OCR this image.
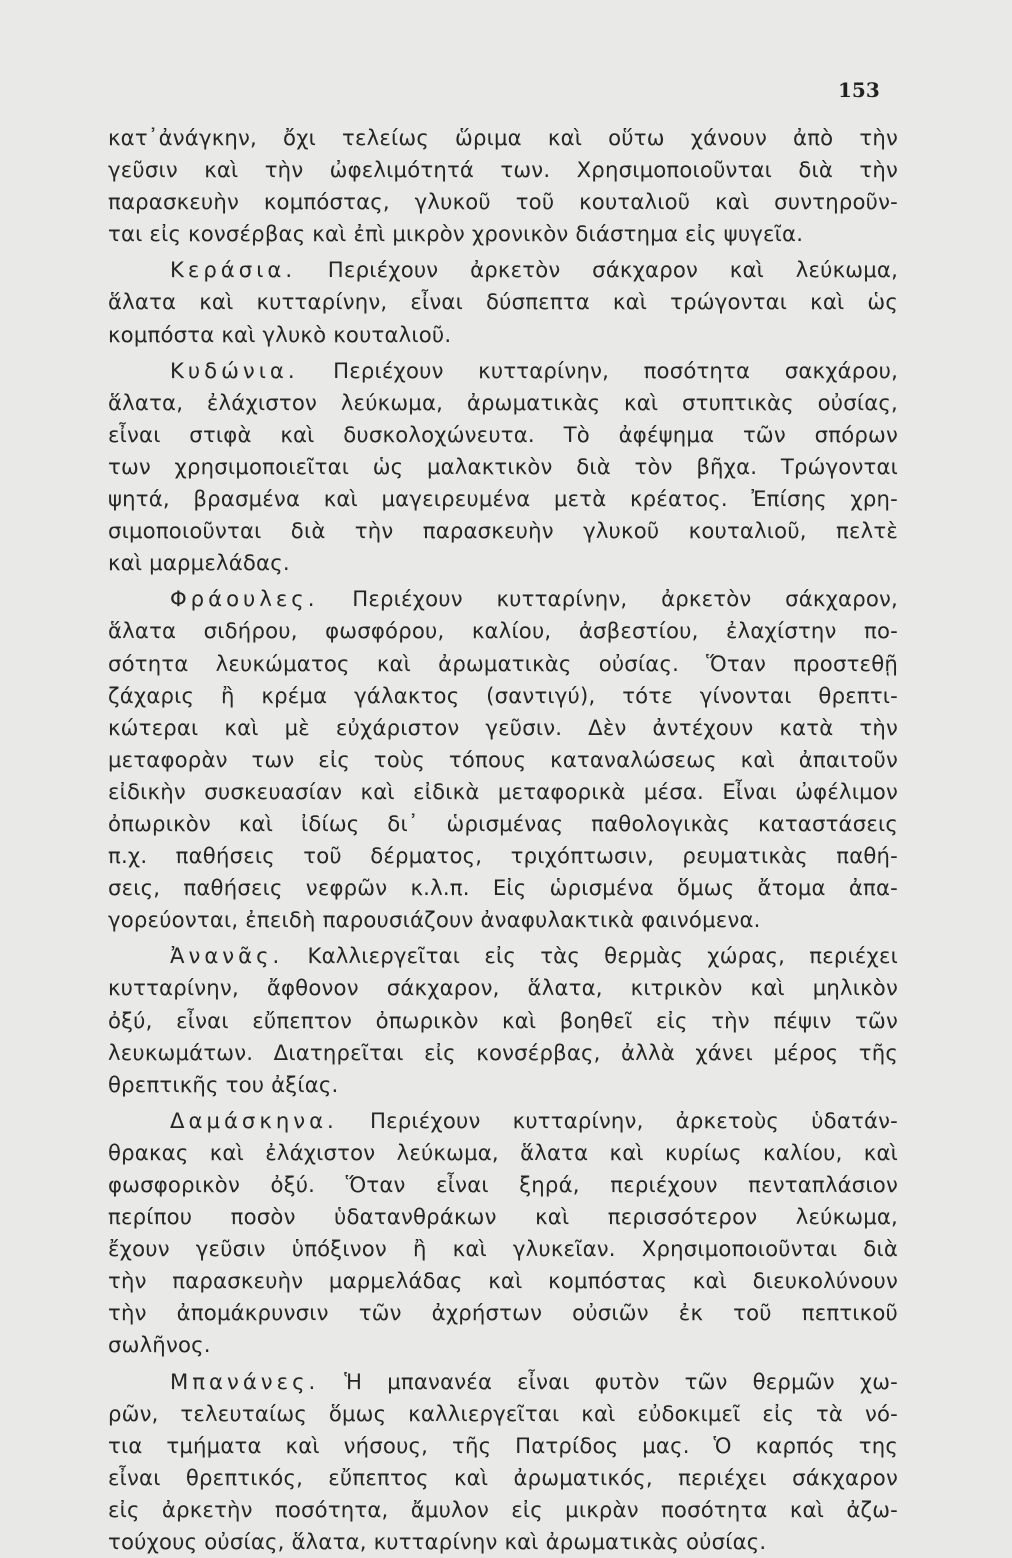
153
κατ᾽ἀνάγκην, ὄχι τελείως ὥριμα καὶ οὕτω χάνουν ἀπὸ τὴν
γεῦσιν καὶ τὴν ὠφελιμότητά των. Χρησιμοποιοῦνται διὰ τὴν
παρασκευὴν κομπόστας, γλυκοῦ τοῦ κουταλιοῦ καὶ συντηροῦν-
ται εἰς κονσέρβας καὶ ἐπὶ μικρὸν χρονικὸν διάστημα εἰς ψυγεῖα.
Κεράσια. Περιέχουν ἀρκετὸν σάκχαρον καὶ λεύκωμα,
ἅλατα καὶ κυτταρίνην, εἶναι δύσπεπτα καὶ τρώγονται καὶ ὡς
κομπόστα καὶ γλυκὸ κουταλιοῦ.
Κυδώνια. Περιέχουν κυτταρίνην, ποσότητα σακχάρου,
ἅλατα, ἐλάχιστον λεύκωμα, ἀρωματικὰς καὶ στυπτικὰς οὐσίας,
εἶναι στιφὰ καὶ δυσκολοχώνευτα. Τὸ ἀφέψημα τῶν σπόρων
των χρησιμοποιεῖται ὡς μαλακτικὸν διὰ τὸν βῆχα. Τρώγονται
ψητά, βρασμένα καὶ μαγειρευμένα μετὰ κρέατος. Ἐπίσης χρη-
σιμοποιοῦνται διὰ τὴν παρασκευὴν γλυκοῦ κουταλιοῦ, πελτὲ
καὶ μαρμελάδας.
Φράουλες. Περιέχουν κυτταρίνην, ἀρκετὸν σάκχαρον,
ἅλατα σιδήρου, φωσφόρου, καλίου, ἀσβεστίου, ἐλαχίστην πο-
σότητα λευκώματος καὶ ἀρωματικὰς οὐσίας. Ὅταν προστεθῇ
ζάχαρις ἢ κρέμα γάλακτος (σαντιγύ), τότε γίνονται θρεπτι-
κώτεραι καὶ μὲ εὐχάριστον γεῦσιν. Δὲν ἀντέχουν κατὰ τὴν
μεταφορὰν των εἰς τοὺς τόπους καταναλώσεως καὶ ἀπαιτοῦν
εἰδικὴν συσκευασίαν καὶ εἰδικὰ μεταφορικὰ μέσα. Εἶναι ὠφέλιμον
ὀπωρικὸν καὶ ἰδίως δι᾽ ὡρισμένας παθολογικὰς καταστάσεις
π.χ. παθήσεις τοῦ δέρματος, τριχόπτωσιν, ρευματικὰς παθή-
σεις, παθήσεις νεφρῶν κ.λ.π. Εἰς ὡρισμένα ὅμως ἄτομα ἀπα-
γορεύονται, ἐπειδὴ παρουσιάζουν ἀναφυλακτικὰ φαινόμενα.
Ἀνανᾶς. Καλλιεργεῖται εἰς τὰς θερμὰς χώρας, περιέχει
κυτταρίνην, ἄφθονον σάκχαρον, ἅλατα, κιτρικὸν καὶ μηλικὸν
ὀξύ, εἶναι εὔπεπτον ὀπωρικὸν καὶ βοηθεῖ εἰς τὴν πέψιν τῶν
λευκωμάτων. Διατηρεῖται εἰς κονσέρβας, ἀλλὰ χάνει μέρος τῆς
θρεπτικῆς του ἀξίας.
Δαμάσκηνα. Περιέχουν κυτταρίνην, ἀρκετοὺς ὑδατάν-
θρακας καὶ ἐλάχιστον λεύκωμα, ἅλατα καὶ κυρίως καλίου, καὶ
φωσφορικὸν ὀξύ. Ὅταν εἶναι ξηρά, περιέχουν πενταπλάσιον
περίπου ποσὸν ὑδατανθράκων καὶ περισσότερον λεύκωμα,
ἔχουν γεῦσιν ὑπόξινον ἢ καὶ γλυκεῖαν. Χρησιμοποιοῦνται διὰ
τὴν παρασκευὴν μαρμελάδας καὶ κομπόστας καὶ διευκολύνουν
τὴν ἀπομάκρυνσιν τῶν ἀχρήστων οὐσιῶν ἐκ τοῦ πεπτικοῦ
σωλῆνος.
Μπανάνες. Ἡ μπανανέα εἶναι φυτὸν τῶν θερμῶν χω-
ρῶν, τελευταίως ὅμως καλλιεργεῖται καὶ εὐδοκιμεῖ εἰς τὰ νό-
τια τμήματα καὶ νήσους, τῆς Πατρίδος μας. Ὁ καρπός της
εἶναι θρεπτικός, εὔπεπτος καὶ ἀρωματικός, περιέχει σάκχαρον
εἰς ἀρκετὴν ποσότητα, ἄμυλον εἰς μικρὰν ποσότητα καὶ ἀζω-
τούχους οὐσίας, ἅλατα, κυτταρίνην καὶ ἀρωματικὰς οὐσίας.
